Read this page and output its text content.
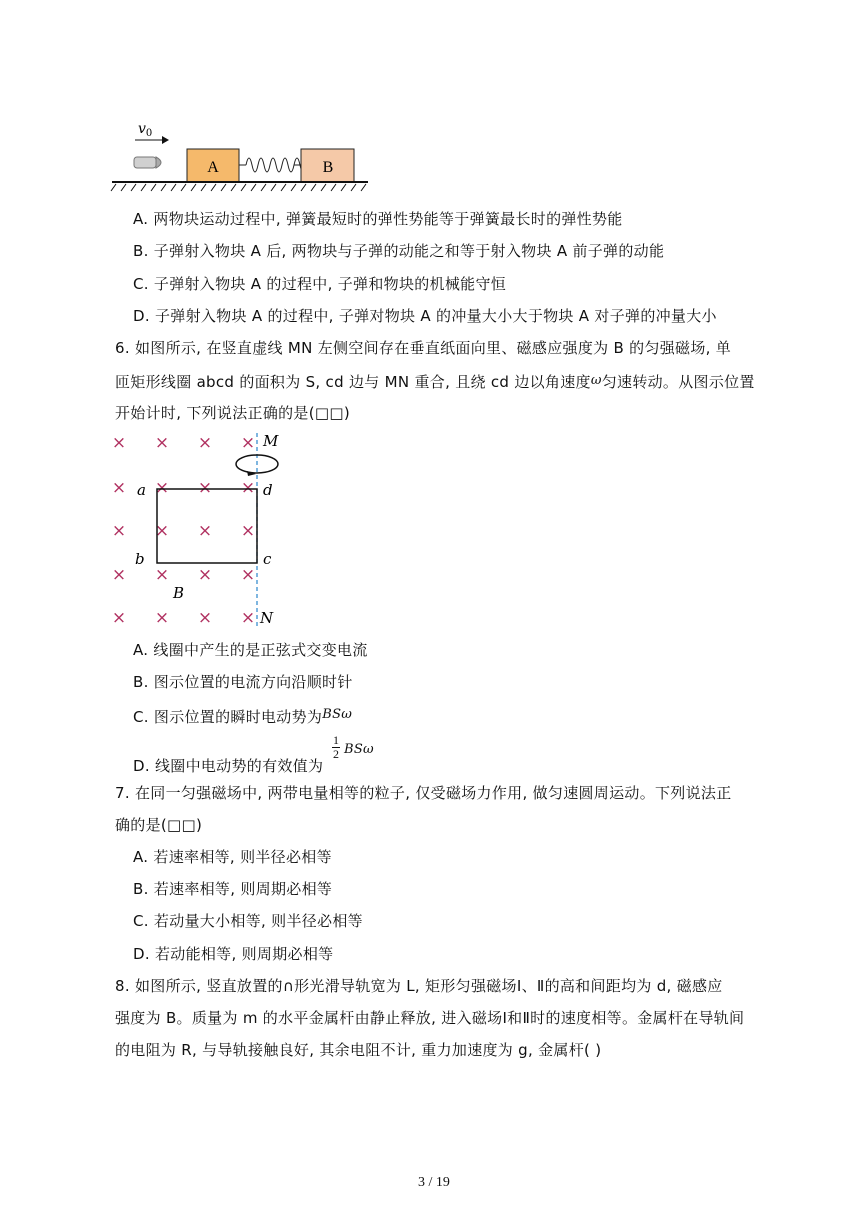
$v_0$
A	B
A. 两物块运动过程中, 弹簧最短时的弹性势能等于弹簧最长时的弹性势能
B. 子弹射入物块 A 后, 两物块与子弹的动能之和等于射入物块 A 前子弹的动能
C. 子弹射入物块 A 的过程中, 子弹和物块的机械能守恒
D. 子弹射入物块 A 的过程中, 子弹对物块 A 的冲量大小大于物块 A 对子弹的冲量大小
6. 如图所示, 在竖直虚线 MN 左侧空间存在垂直纸面向里、磁感应强度为 B 的匀强磁场, 单
匝矩形线圈 abcd 的面积为 S, cd 边与 MN 重合, 且绕 cd 边以角速度ω匀速转动。从图示位置
开始计时, 下列说法正确的是(□□)
× × × ×
× × × ×
× × × ×
× × × ×
× × × ×
M
N
a
b	c
d
B
A. 线圈中产生的是正弦式交变电流
B. 图示位置的电流方向沿顺时针
C. 图示位置的瞬时电动势为BSω
D. 线圈中电动势的有效值为
1
2 BSω
7. 在同一匀强磁场中, 两带电量相等的粒子, 仅受磁场力作用, 做匀速圆周运动。下列说法正
确的是(□□)
A. 若速率相等, 则半径必相等
B. 若速率相等, 则周期必相等
C. 若动量大小相等, 则半径必相等
D. 若动能相等, 则周期必相等
8. 如图所示, 竖直放置的∩形光滑导轨宽为 L, 矩形匀强磁场Ⅰ、Ⅱ的高和间距均为 d, 磁感应
强度为 B。质量为 m 的水平金属杆由静止释放, 进入磁场Ⅰ和Ⅱ时的速度相等。金属杆在导轨间
的电阻为 R, 与导轨接触良好, 其余电阻不计, 重力加速度为 g, 金属杆( )
3 / 19
